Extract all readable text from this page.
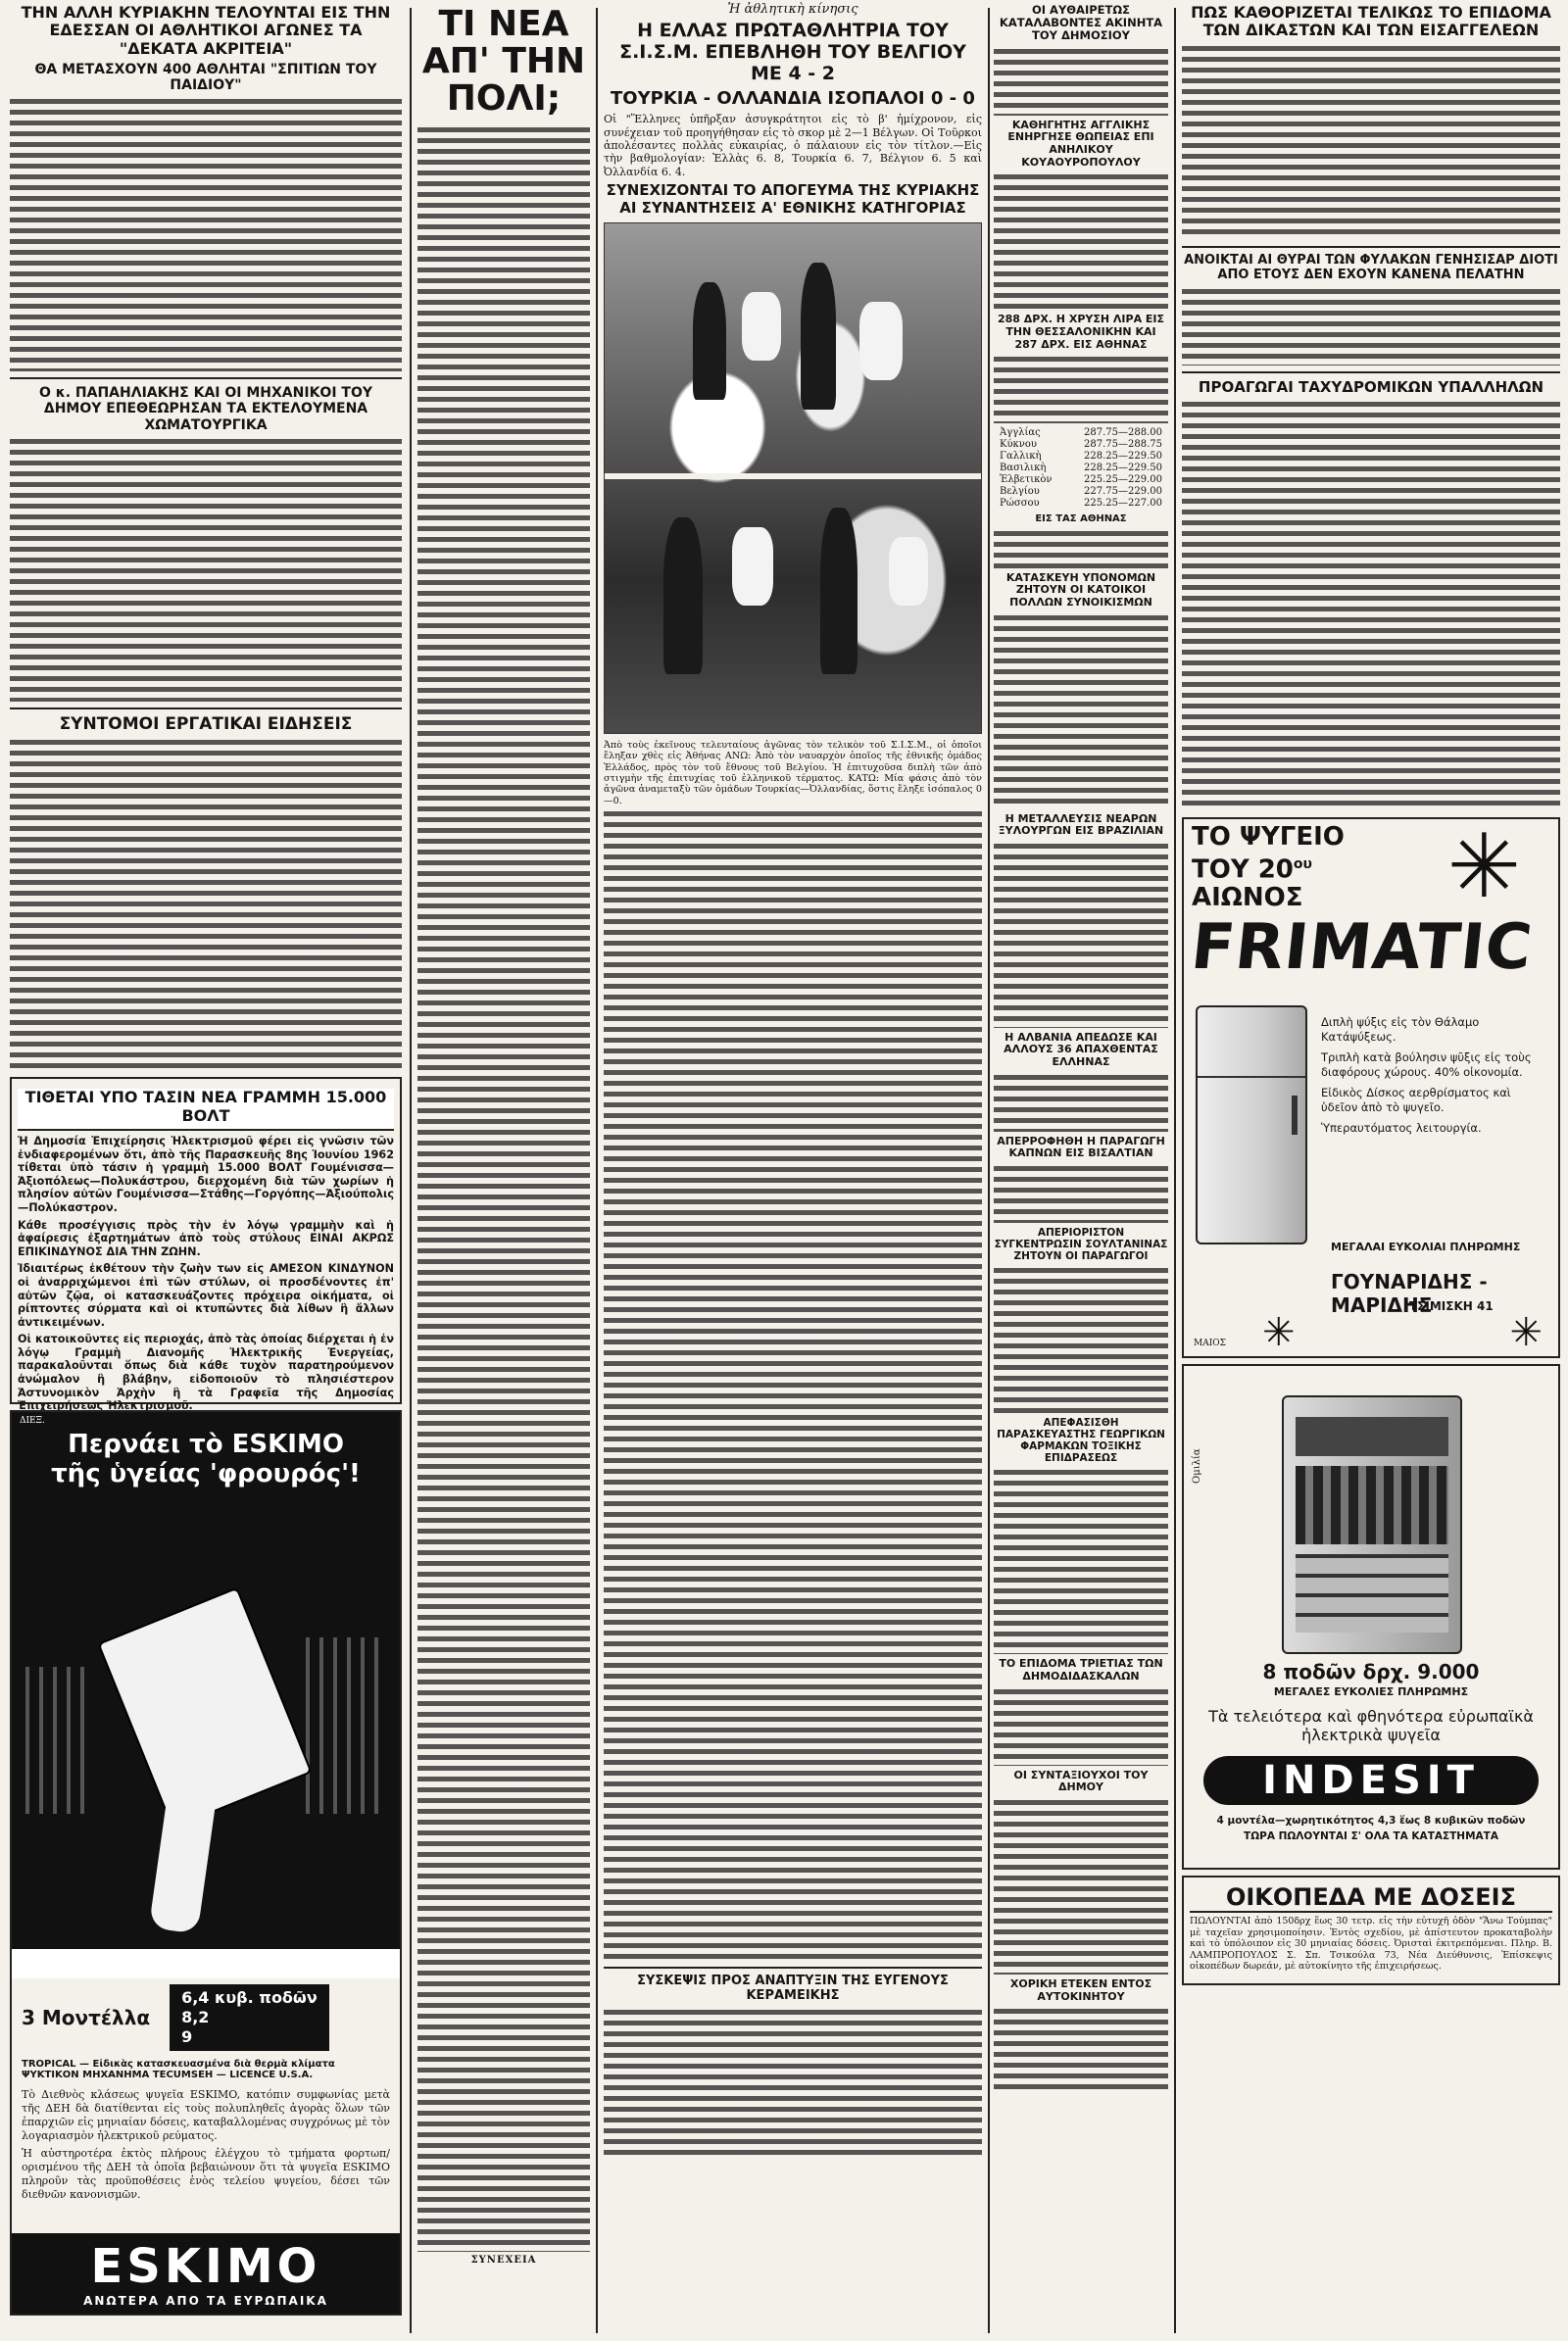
ΤΗΝ ΑΛΛΗ ΚΥΡΙΑΚΗΝ ΤΕΛΟΥΝΤΑΙ ΕΙΣ ΤΗΝ ΕΔΕΣΣΑΝ ΟΙ ΑΘΛΗΤΙΚΟΙ ΑΓΩΝΕΣ ΤΑ "ΔΕΚΑΤΑ ΑΚΡΙΤΕΙΑ"
ΘΑ ΜΕΤΑΣΧΟΥΝ 400 ΑΘΛΗΤΑΙ "ΣΠΙΤΙΩΝ ΤΟΥ ΠΑΙΔΙΟΥ"
Ο κ. ΠΑΠΑΗΛΙΑΚΗΣ ΚΑΙ ΟΙ ΜΗΧΑΝΙΚΟΙ ΤΟΥ ΔΗΜΟΥ ΕΠΕΘΕΩΡΗΣΑΝ ΤΑ ΕΚΤΕΛΟΥΜΕΝΑ ΧΩΜΑΤΟΥΡΓΙΚΑ
ΣΥΝΤΟΜΟΙ ΕΡΓΑΤΙΚΑΙ ΕΙΔΗΣΕΙΣ
ΤΙΘΕΤΑΙ ΥΠΟ ΤΑΣΙΝ ΝΕΑ ΓΡΑΜΜΗ 15.000 ΒΟΛΤ
Ἡ Δημοσία Ἐπιχείρησις Ἠλεκτρισμοῦ φέρει εἰς γνῶσιν τῶν ἐνδιαφερομένων ὅτι, ἀπὸ τῆς Παρασκευῆς 8ης Ἰουνίου 1962 τίθεται ὑπὸ τάσιν ἡ γραμμὴ 15.000 ΒΟΛΤ Γουμένισσα—Ἀξιοπόλεως—Πολυκάστρου, διερχομένη διὰ τῶν χωρίων ἡ πλησίον αὐτῶν Γουμένισσα—Στάθης—Γοργόπης—Ἀξιούπολις—Πολύκαστρον.
Κάθε προσέγγισις πρὸς τὴν ἐν λόγῳ γραμμὴν καὶ ἡ ἀφαίρεσις ἐξαρτημάτων ἀπὸ τοὺς στύλους ΕΙΝΑΙ ΑΚΡΩΣ ΕΠΙΚΙΝΔΥΝΟΣ ΔΙΑ ΤΗΝ ΖΩΗΝ.
Ἰδιαιτέρως ἐκθέτουν τὴν ζωὴν των εἰς ΑΜΕΣΟΝ ΚΙΝΔΥΝΟΝ οἱ ἀναρριχώμενοι ἐπὶ τῶν στύλων, οἱ προσδένοντες ἐπ' αὐτῶν ζῷα, οἱ κατασκευάζοντες πρόχειρα οἰκήματα, οἱ ρίπτοντες σύρματα καὶ οἱ κτυπῶντες διὰ λίθων ἢ ἄλλων ἀντικειμένων.
Οἱ κατοικοῦντες εἰς περιοχάς, ἀπὸ τὰς ὁποίας διέρχεται ἡ ἐν λόγῳ Γραμμὴ Διανομῆς Ἠλεκτρικῆς Ἐνεργείας, παρακαλοῦνται ὅπως διὰ κάθε τυχὸν παρατηρούμενον ἀνώμαλον ἢ βλάβην, εἰδοποιοῦν τὸ πλησιέστερον Ἀστυνομικὸν Ἀρχὴν ἢ τὰ Γραφεῖα τῆς Δημοσίας Ἐπιχειρήσεως Ἠλεκτρισμοῦ.
ΔΙΕΞ.
Περνάει τὸ ESKIMO
τῆς ὑγείας 'φρουρός'!
3 Μοντέλλα
6,4 κυβ. ποδῶν
8,2
9
TROPICAL — Εἰδικὰς κατασκευασμένα διὰ θερμὰ κλίματα
ΨΥΚΤΙΚΟΝ ΜΗΧΑΝΗΜΑ TECUMSEH — LICENCE U.S.A.
Τὸ Διεθνὸς κλάσεως ψυγεῖα ESKIMO, κατόπιν συμφωνίας μετὰ τῆς ΔΕΗ δὰ διατίθενται εἰς τοὺς πολυπληθεῖς ἀγορὰς ὅλων τῶν ἐπαρχιῶν εἰς μηνιαίαν δόσεις, καταβαλλομένας συγχρόνως μὲ τὸν λογαριασμὸν ἠλεκτρικοῦ ρεύματος.
Ἡ αὐστηροτέρα ἐκτὸς πλήρους ἐλέγχου τὸ τμήματα φορτωπ/ορισμένου τῆς ΔΕΗ τὰ ὁποῖα βεβαιώνουν ὅτι τὰ ψυγεῖα ESKIMO πληροῦν τὰς προϋποθέσεις ἑνὸς τελείου ψυγείου, δέσει τῶν διεθνῶν κανονισμῶν.
ESKIMO
ΑΝΩΤΕΡΑ ΑΠΟ ΤΑ ΕΥΡΩΠΑΙΚΑ
ΤΙ ΝΕΑ ΑΠ' ΤΗΝ ΠΟΛΙ;
ΣΥΝΕΧΕΙΑ
Ἡ ἀθλητικὴ κίνησις
Η ΕΛΛΑΣ ΠΡΩΤΑΘΛΗΤΡΙΑ ΤΟΥ Σ.Ι.Σ.Μ. ΕΠΕΒΛΗΘΗ ΤΟΥ ΒΕΛΓΙΟΥ ΜΕ 4 - 2
ΤΟΥΡΚΙΑ - ΟΛΛΑΝΔΙΑ ΙΣΟΠΑΛΟΙ 0 - 0
Οἱ "Ἕλληνες ὑπῆρξαν ἀσυγκράτητοι εἰς τὸ β' ἡμίχρονον, εἰς συνέχειαν τοῦ προηγήθησαν εἰς τὸ σκορ μὲ 2—1 Βέλγων. Οἱ Τοῦρκοι ἀπολέσαντες πολλὰς εὐκαιρίας, ὁ πάλαιουν εἰς τὸν τίτλον.—Εἰς τὴν βαθμολογίαν: Ἑλλὰς 6. 8, Τουρκία 6. 7, Βέλγιον 6. 5 καὶ Ὀλλανδία 6. 4.
ΣΥΝΕΧΙΖΟΝΤΑΙ ΤΟ ΑΠΟΓΕΥΜΑ ΤΗΣ ΚΥΡΙΑΚΗΣ ΑΙ ΣΥΝΑΝΤΗΣΕΙΣ Α' ΕΘΝΙΚΗΣ ΚΑΤΗΓΟΡΙΑΣ
Ἀπὸ τοὺς ἐκεῖνους τελευταίους ἀγῶνας τὸν τελικὸν τοῦ Σ.Ι.Σ.Μ., οἱ ὁποῖοι ἔληξαν χθὲς εἰς Ἀθήνας ΑΝΩ: Ἀπὸ τὸν ναυαρχὸν ὁποῖος τῆς ἐθνικῆς ὁμάδος Ἑλλάδος, πρὸς τὸν τοῦ ἔθνους τοῦ Βελγίου. Ἡ ἐπιτυχοῦσα διπλὴ τῶν ἀπὸ στιγμὴν τῆς ἐπιτυχίας τοῦ ἑλληνικοῦ τέρματος. ΚΑΤΩ: Μία φάσις ἀπὸ τὸν ἀγῶνα ἀναμεταξὺ τῶν ὁμάδων Τουρκίας—Ὀλλανδίας, ὅστις ἔληξε ἰσόπαλος 0—0.
ΣΥΣΚΕΨΙΣ ΠΡΟΣ ΑΝΑΠΤΥΞΙΝ ΤΗΣ ΕΥΓΕΝΟΥΣ ΚΕΡΑΜΕΙΚΗΣ
ΟΙ ΑΥΘΑΙΡΕΤΩΣ ΚΑΤΑΛΑΒΟΝΤΕΣ ΑΚΙΝΗΤΑ ΤΟΥ ΔΗΜΟΣΙΟΥ
ΚΑΘΗΓΗΤΗΣ ΑΓΓΛΙΚΗΣ ΕΝΗΡΓΗΣΕ ΘΩΠΕΙΑΣ ΕΠΙ ΑΝΗΛΙΚΟΥ ΚΟΥΑΟΥΡΟΠΟΥΛΟΥ
288 ΔΡΧ. Η ΧΡΥΣΗ ΛΙΡΑ ΕΙΣ ΤΗΝ ΘΕΣΣΑΛΟΝΙΚΗΝ ΚΑΙ 287 ΔΡΧ. ΕΙΣ ΑΘΗΝΑΣ
Ἀγγλίας	287.75—288.00
Κύκνου	287.75—288.75
Γαλλικὴ	228.25—229.50
Βασιλικὴ	228.25—229.50
Ἑλβετικὸν	225.25—229.00
Βελγίου	227.75—229.00
Ρώσσου	225.25—227.00
ΕΙΣ ΤΑΣ ΑΘΗΝΑΣ
ΚΑΤΑΣΚΕΥΗ ΥΠΟΝΟΜΩΝ ΖΗΤΟΥΝ ΟΙ ΚΑΤΟΙΚΟΙ ΠΟΛΛΩΝ ΣΥΝΟΙΚΙΣΜΩΝ
Η ΜΕΤΑΛΛΕΥΣΙΣ ΝΕΑΡΩΝ ΞΥΛΟΥΡΓΩΝ ΕΙΣ ΒΡΑΖΙΛΙΑΝ
Η ΑΛΒΑΝΙΑ ΑΠΕΔΩΣΕ ΚΑΙ ΑΛΛΟΥΣ 36 ΑΠΑΧΘΕΝΤΑΣ ΕΛΛΗΝΑΣ
ΑΠΕΡΡΟΦΗΘΗ Η ΠΑΡΑΓΩΓΗ ΚΑΠΝΩΝ ΕΙΣ ΒΙΣΑΛΤΙΑΝ
ΑΠΕΡΙΟΡΙΣΤΟΝ ΣΥΓΚΕΝΤΡΩΣΙΝ ΣΟΥΛΤΑΝΙΝΑΣ ΖΗΤΟΥΝ ΟΙ ΠΑΡΑΓΩΓΟΙ
ΑΠΕΦΑΣΙΣΘΗ ΠΑΡΑΣΚΕΥΑΣΤΗΣ ΓΕΩΡΓΙΚΩΝ ΦΑΡΜΑΚΩΝ ΤΟΞΙΚΗΣ ΕΠΙΔΡΑΣΕΩΣ
ΤΟ ΕΠΙΔΟΜΑ ΤΡΙΕΤΙΑΣ ΤΩΝ ΔΗΜΟΔΙΔΑΣΚΑΛΩΝ
ΟΙ ΣΥΝΤΑΞΙΟΥΧΟΙ ΤΟΥ ΔΗΜΟΥ
ΧΟΡΙΚΗ ΕΤΕΚΕΝ ΕΝΤΟΣ ΑΥΤΟΚΙΝΗΤΟΥ
ΠΩΣ ΚΑΘΟΡΙΖΕΤΑΙ ΤΕΛΙΚΩΣ ΤΟ ΕΠΙΔΟΜΑ ΤΩΝ ΔΙΚΑΣΤΩΝ ΚΑΙ ΤΩΝ ΕΙΣΑΓΓΕΛΕΩΝ
ΑΝΟΙΚΤΑΙ ΑΙ ΘΥΡΑΙ ΤΩΝ ΦΥΛΑΚΩΝ ΓΕΝΗΣΙΣΑΡ ΔΙΟΤΙ ΑΠΟ ΕΤΟΥΣ ΔΕΝ ΕΧΟΥΝ ΚΑΝΕΝΑ ΠΕΛΑΤΗΝ
ΠΡΟΑΓΩΓΑΙ ΤΑΧΥΔΡΟΜΙΚΩΝ ΥΠΑΛΛΗΛΩΝ
ΤΟ ΨΥΓΕΙΟ
ΤΟΥ $20^{o\upsilon}$
ΑΙΩΝΟΣ	✳
FRIMATIC
Διπλὴ ψύξις εἰς τὸν Θάλαμο Κατάψύξεως.
Τριπλὴ κατὰ βούλησιν ψῦξις εἰς τοὺς διαφόρους χώρους. 40% οἰκονομία.
Εἰδικὸς Δίσκος αερθρίσματος καὶ ὑδεῖον ἀπὸ τὸ ψυγεῖο.
Ὑπεραυτόματος λειτουργία.
ΜΕΓΑΛΑΙ ΕΥΚΟΛΙΑΙ ΠΛΗΡΩΜΗΣ
ΓΟΥΝΑΡΙΔΗΣ - ΜΑΡΙΔΗΣ
ΤΣΙΜΙΣΚΗ 41
ΜΑΙΟΣ ✳	✳
Ομιλία
8 ποδῶν δρχ. 9.000
ΜΕΓΑΛΕΣ ΕΥΚΟΛΙΕΣ ΠΛΗΡΩΜΗΣ
Τὰ τελειότερα καὶ φθηνότερα εὐρωπαϊκὰ ἠλεκτρικὰ ψυγεῖα
INDESIT
4 μοντέλα—χωρητικότητος 4,3 ἕως 8 κυβικῶν ποδῶν
ΤΩΡΑ ΠΩΛΟΥΝΤΑΙ Σ' ΟΛΑ ΤΑ ΚΑΤΑΣΤΗΜΑΤΑ
ΟΙΚΟΠΕΔΑ ΜΕ ΔΟΣΕΙΣ
ΠΩΛΟΥΝΤΑΙ ἀπὸ 150δρχ ἕως 30 τετρ. εἰς τὴν εὐτυχῆ ὁδὸν "Ἄνω Τούμπας" μὲ ταχεῖαν χρησιμοποίησιν. Ἐντὸς σχεδίου, μὲ ἀπίστευτον προκαταβολὴν καὶ τὸ ὑπόλοιπον εἰς 30 μηνιαίας δόσεις. Ὀρισταὶ ἐκιτρεπόμεναι. Πληρ. Β. ΛΑΜΠΡΟΠΟΥΛΟΣ Σ. Σπ. Τσικούλα 73, Νέα Διεύθυνσις, Ἐπίσκεψις οἰκοπέδων δωρεάν, μὲ αὐτοκίνητο τῆς ἐπιχειρήσεως.
